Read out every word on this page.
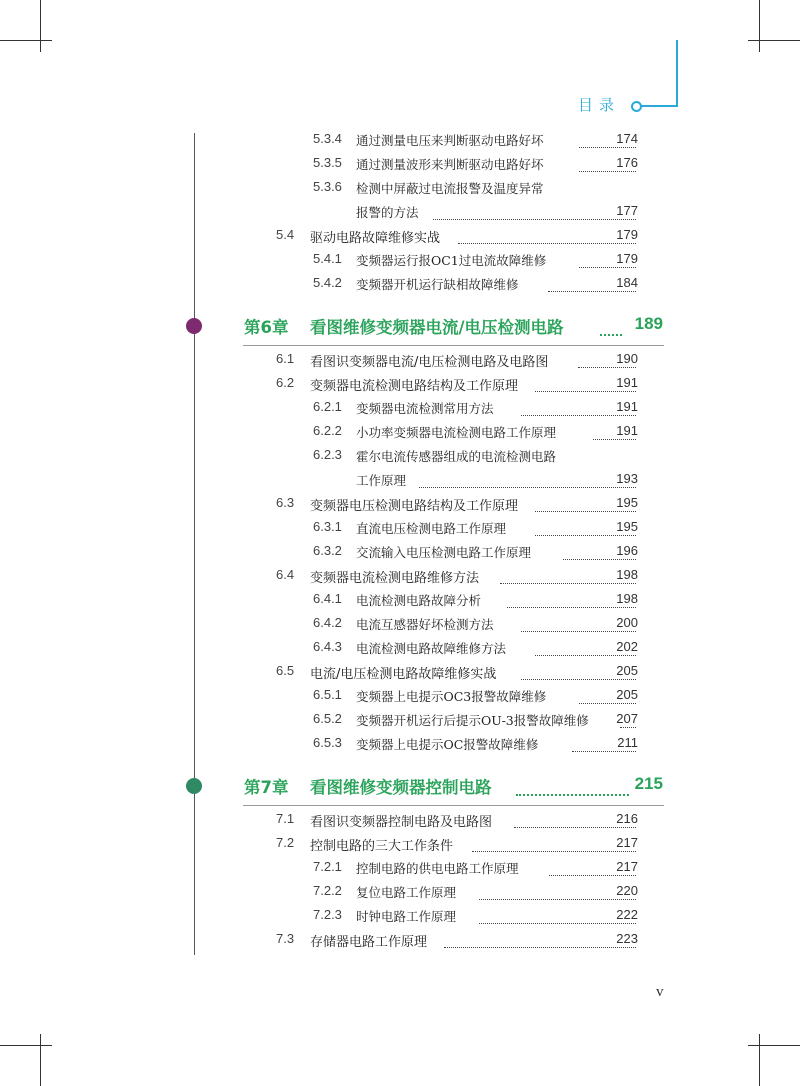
目录
5.3.4 通过测量电压来判断驱动电路好坏	174
5.3.5 通过测量波形来判断驱动电路好坏	176
5.3.6 检测中屏蔽过电流报警及温度异常
报警的方法	177
5.4 驱动电路故障维修实战	179
5.4.1 变频器运行报OC1过电流故障维修	179
5.4.2 变频器开机运行缺相故障维修	184
第6章 看图维修变频器电流/电压检测电路	189
6.1 看图识变频器电流/电压检测电路及电路图	190
6.2 变频器电流检测电路结构及工作原理	191
6.2.1 变频器电流检测常用方法	191
6.2.2 小功率变频器电流检测电路工作原理	191
6.2.3 霍尔电流传感器组成的电流检测电路
工作原理	193
6.3 变频器电压检测电路结构及工作原理	195
6.3.1 直流电压检测电路工作原理	195
6.3.2 交流输入电压检测电路工作原理	196
6.4 变频器电流检测电路维修方法	198
6.4.1 电流检测电路故障分析	198
6.4.2 电流互感器好坏检测方法	200
6.4.3 电流检测电路故障维修方法	202
6.5 电流/电压检测电路故障维修实战	205
6.5.1 变频器上电提示OC3报警故障维修	205
6.5.2 变频器开机运行后提示OU-3报警故障维修 207
6.5.3 变频器上电提示OC报警故障维修	211
第7章 看图维修变频器控制电路	215
7.1 看图识变频器控制电路及电路图	216
7.2 控制电路的三大工作条件	217
7.2.1 控制电路的供电电路工作原理	217
7.2.2 复位电路工作原理	220
7.2.3 时钟电路工作原理	222
7.3 存储器电路工作原理	223
v
